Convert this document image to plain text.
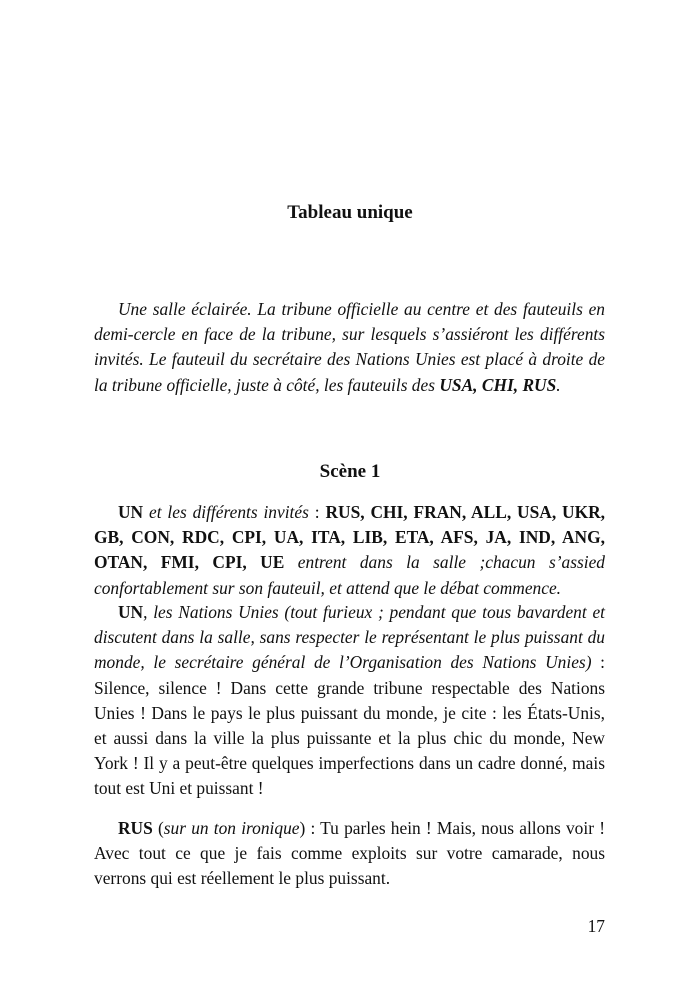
Tableau unique

Une salle éclairée. La tribune officielle au centre et des fauteuils en demi-cercle en face de la tribune, sur lesquels s’assiéront les différents invités. Le fauteuil du secrétaire des Nations Unies est placé à droite de la tribune officielle, juste à côté, les fauteuils des USA, CHI, RUS.

Scène 1

UN et les différents invités : RUS, CHI, FRAN, ALL, USA, UKR, GB, CON, RDC, CPI, UA, ITA, LIB, ETA, AFS, JA, IND, ANG, OTAN, FMI, CPI, UE entrent dans la salle ;chacun s’assied confortablement sur son fauteuil, et attend que le débat commence.

UN, les Nations Unies (tout furieux ; pendant que tous bavardent et discutent dans la salle, sans respecter le représentant le plus puissant du monde, le secrétaire général de l’Organisation des Nations Unies) : Silence, silence ! Dans cette grande tribune respectable des Nations Unies ! Dans le pays le plus puissant du monde, je cite : les États-Unis, et aussi dans la ville la plus puissante et la plus chic du monde, New York ! Il y a peut-être quelques imperfections dans un cadre donné, mais tout est Uni et puissant !

RUS (sur un ton ironique) : Tu parles hein ! Mais, nous allons voir ! Avec tout ce que je fais comme exploits sur votre camarade, nous verrons qui est réellement le plus puissant.

17
